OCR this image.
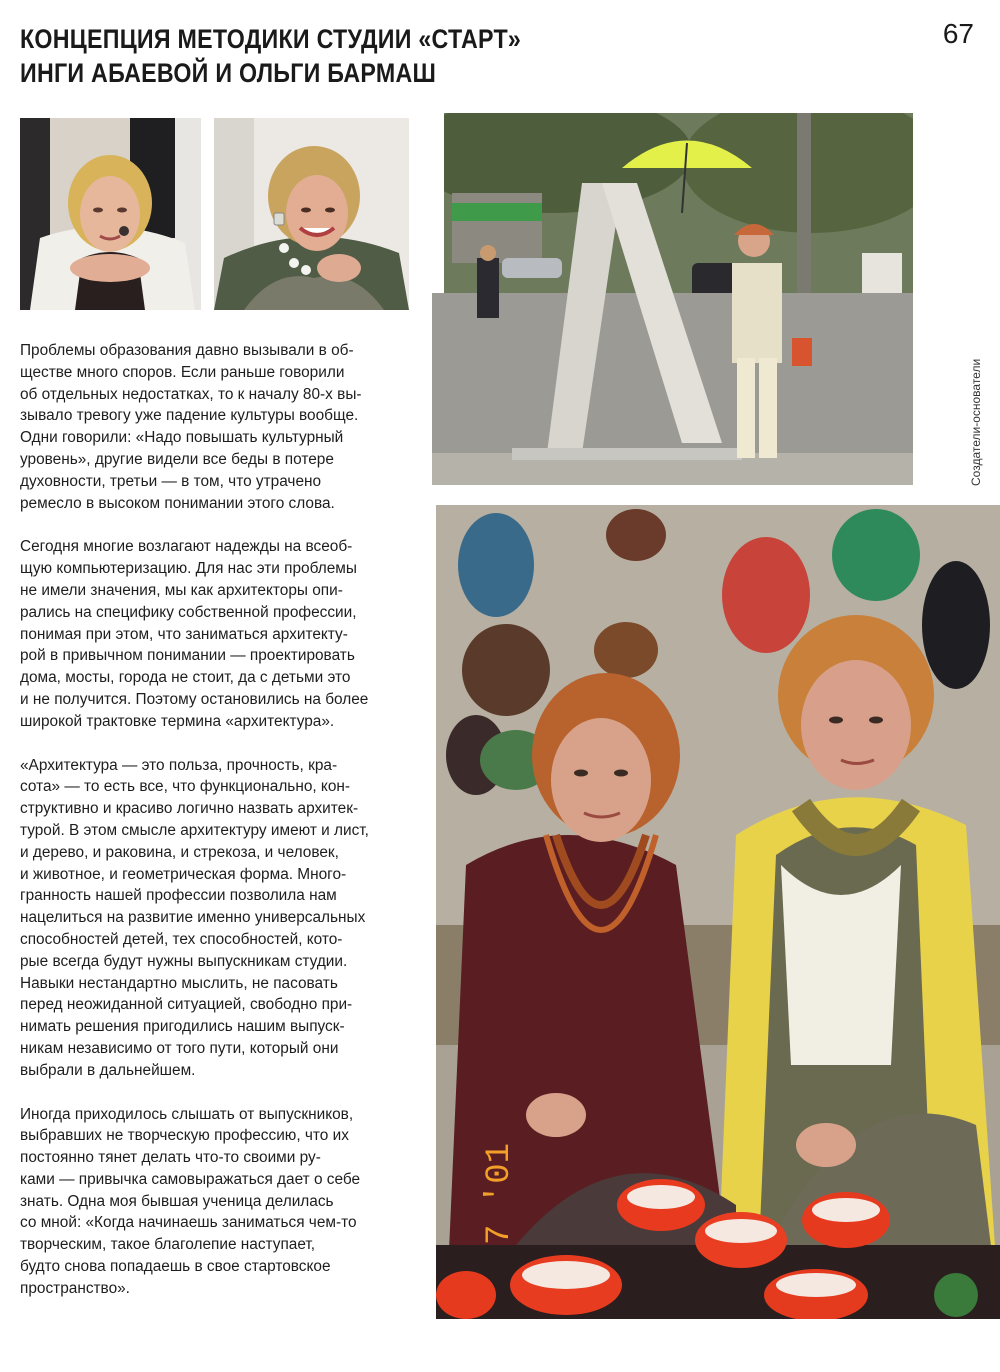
КОНЦЕПЦИЯ МЕТОДИКИ СТУДИИ «СТАРТ»
ИНГИ АБАЕВОЙ И ОЛЬГИ БАРМАШ
67
Создатели-основатели
7 '01

Проблемы образования давно вызывали в об-
ществе много споров. Если раньше говорили
об отдельных недостатках, то к началу 80-х вы-
зывало тревогу уже падение культуры вообще.
Одни говорили: «Надо повышать культурный
уровень», другие видели все беды в потере
духовности, третьи — в том, что утрачено
ремесло в высоком понимании этого слова.

Сегодня многие возлагают надежды на всеоб-
щую компьютеризацию. Для нас эти проблемы
не имели значения, мы как архитекторы опи-
рались на специфику собственной профессии,
понимая при этом, что заниматься архитекту-
рой в привычном понимании — проектировать
дома, мосты, города не стоит, да с детьми это
и не получится. Поэтому остановились на более
широкой трактовке термина «архитектура».

«Архитектура — это польза, прочность, кра-
сота» — то есть все, что функционально, кон-
структивно и красиво логично назвать архитек-
турой. В этом смысле архитектуру имеют и лист,
и дерево, и раковина, и стрекоза, и человек,
и животное, и геометрическая форма. Много-
гранность нашей профессии позволила нам
нацелиться на развитие именно универсальных
способностей детей, тех способностей, кото-
рые всегда будут нужны выпускникам студии.
Навыки нестандартно мыслить, не пасовать
перед неожиданной ситуацией, свободно при-
нимать решения пригодились нашим выпуск-
никам независимо от того пути, который они
выбрали в дальнейшем.

Иногда приходилось слышать от выпускников,
выбравших не творческую профессию, что их
постоянно тянет делать что-то своими ру-
ками — привычка самовыражаться дает о себе
знать. Одна моя бывшая ученица делилась
со мной: «Когда начинаешь заниматься чем-то
творческим, такое благолепие наступает,
будто снова попадаешь в свое стартовское
пространство».
